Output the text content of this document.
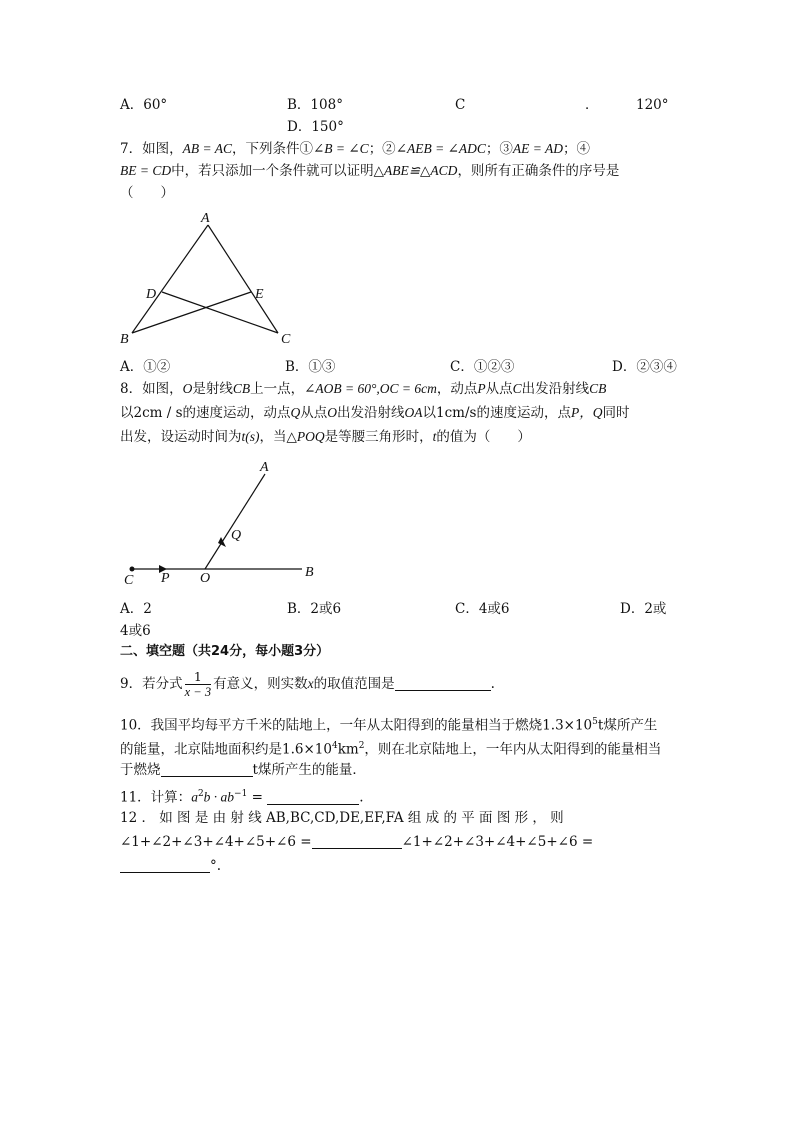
A．60°	B．108°	C	．	120°
D．150°
7．如图，AB = AC，下列条件①∠B = ∠C；②∠AEB = ∠ADC；③AE = AD；④
BE = CD中，若只添加一个条件就可以证明△ABE≌△ACD，则所有正确条件的序号是
（　　）
A
D	E
B	C
A．①②	B．①③	C．①②③	D．②③④
8．如图，O是射线CB上一点，∠AOB = 60°,OC = 6cm，动点P从点C出发沿射线CB
以2cm / s的速度运动，动点Q从点O出发沿射线OA以1cm/s的速度运动，点P，Q同时
出发，设运动时间为t(s)，当△POQ是等腰三角形时，t的值为（　　）
A
Q
C P O	B
A．2	B．2或6	C．4或6	D．2或
4或6
二、填空题（共24分，每小题3分）
9．若分式 $\frac{1}{x - 3}$ 有意义，则实数x的取值范围是	.
10．我国平均每平方千米的陆地上，一年从太阳得到的能量相当于燃烧$1.3\times 10^5t$煤所产生
的能量，北京陆地面积约是$1.6\times 10^4km^2$，则在北京陆地上，一年内从太阳得到的能量相当
于燃烧	t煤所产生的能量．
11．计算：$a^2b \cdot ab^{-1}$ =	.
12 ． 如 图 是 由 射 线 AB,BC,CD,DE,EF,FA 组 成 的 平 面 图 形 ， 则
∠1+∠2+∠3+∠4+∠5+∠6 =	∠1+∠2+∠3+∠4+∠5+∠6 =
°.
